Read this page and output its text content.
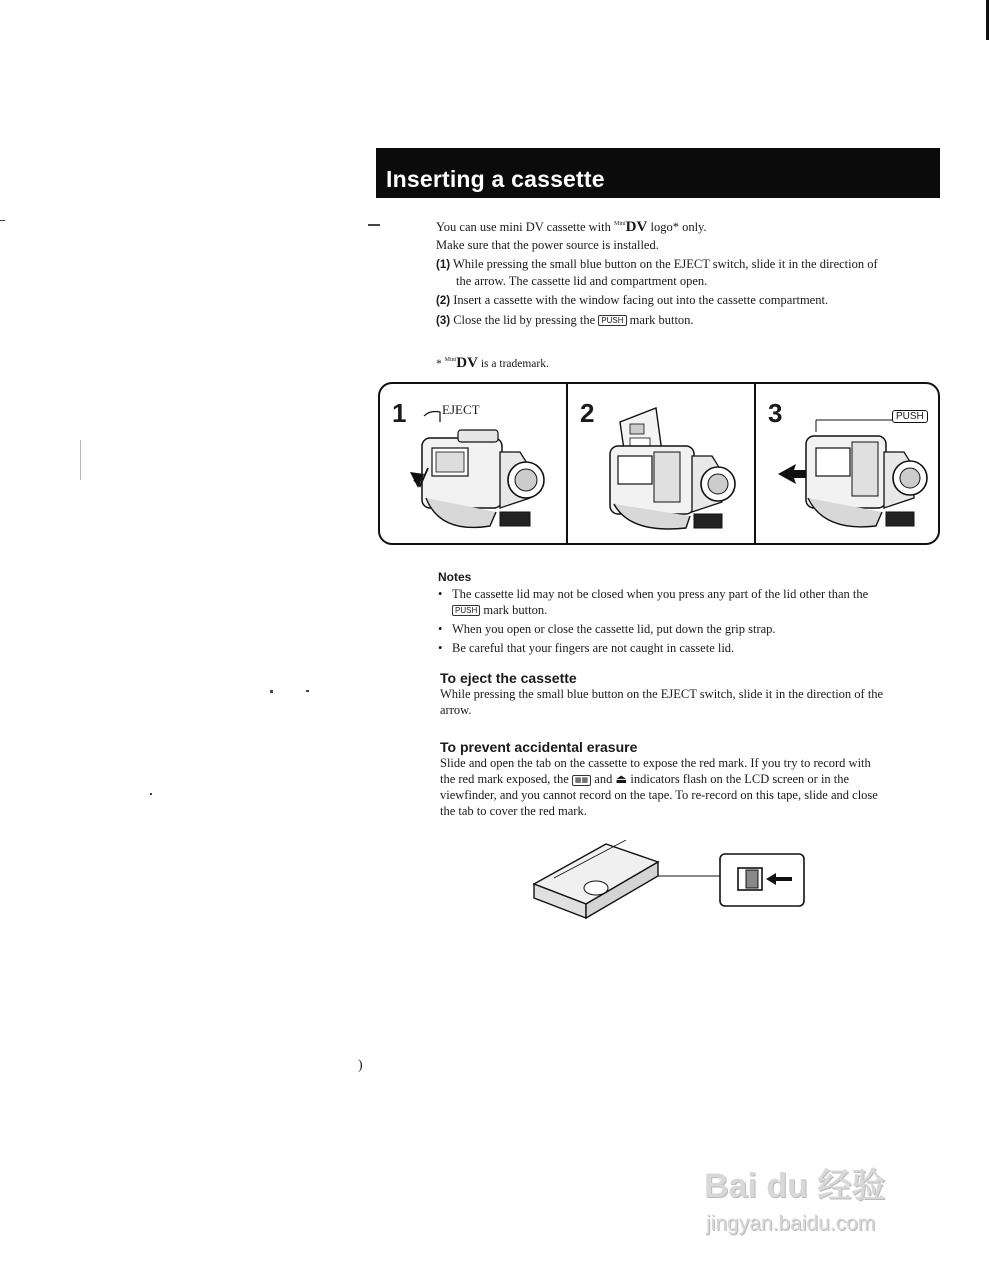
Inserting a cassette
You can use mini DV cassette with $^{Mini}$DV logo* only.
Make sure that the power source is installed.
(1) While pressing the small blue button on the EJECT switch, slide it in the direction of
the arrow. The cassette lid and compartment open.
(2) Insert a cassette with the window facing out into the cassette compartment.
(3) Close the lid by pressing the PUSH mark button.
* $^{Mini}$DV is a trademark.
1	EJECT	2	3	PUSH
Notes
• The cassette lid may not be closed when you press any part of the lid other than the
PUSH mark button.
• When you open or close the cassette lid, put down the grip strap.
• Be careful that your fingers are not caught in cassete lid.
To eject the cassette
While pressing the small blue button on the EJECT switch, slide it in the direction of the
arrow.
To prevent accidental erasure
Slide and open the tab on the cassette to expose the red mark. If you try to record with
the red mark exposed, the ▦▦ and ⏏ indicators flash on the LCD screen or in the
viewfinder, and you cannot record on the tape. To re-record on this tape, slide and close
the tab to cover the red mark.
)
Bai du 经验
jingyan.baidu.com
